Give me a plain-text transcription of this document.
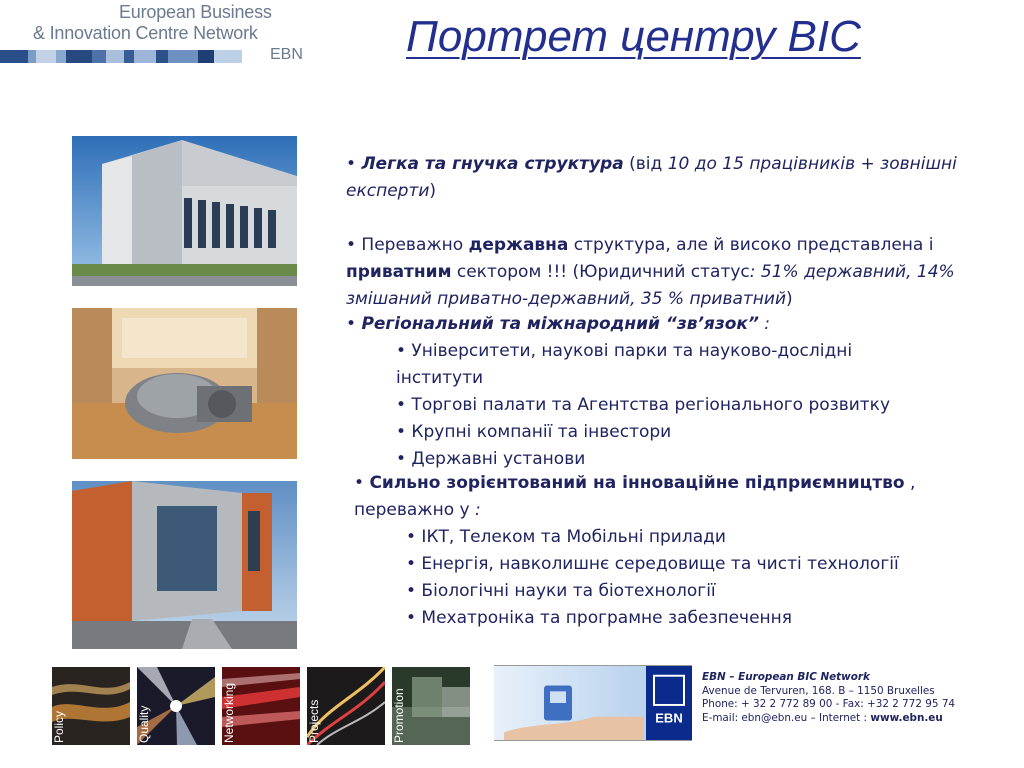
European Business
& Innovation Centre Network
EBN Портрет центру BIC
• Легка та гнучка структура (від 10 до 15 працівників + зовнішні експерти)
• Переважно державна структура, але й високо представлена і приватним сектором !!! (Юридичний статус: 51% державний, 14% змішаний приватно-державний, 35 % приватний)
• Регіональний та міжнародний “зв’язок” :
• Університети, наукові парки та науково-дослідні інститути
• Торгові палати та Агентства регіонального розвитку
• Крупні компанії та інвестори
• Державні установи
• Сильно зорієнтований на інноваційне підприємництво , переважно у :
• ІКТ, Телеком та Мобільні прилади
• Енергія, навколишнє середовище та чисті технології
• Біологічні науки та біотехнології
• Мехатроніка та програмне забезпечення
Policy	Quality	Networking	Projects	Promotion	EBN
EBN – European BIC Network
Avenue de Tervuren, 168. B – 1150 Bruxelles
Phone: + 32 2 772 89 00 - Fax: +32 2 772 95 74
E-mail: ebn@ebn.eu – Internet : www.ebn.eu
